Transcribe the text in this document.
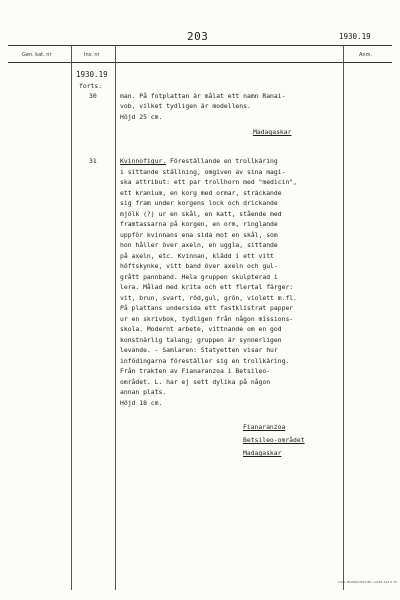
203	1930.19
Gen. kat. nr	Inv. nr	Anm.
1930.19
forts.
30	man. På fotplattan är målat ett namn Ranai-
vob, vilket tydligen är modellens.
Höjd 25 cm.
Madagaskar
31	Kvinnofigur. Föreställande en trollkäring
i sittande ställning, omgiven av sina magi-
ska attribut: ett par trollhorn med "medicin",
ett kranium, en korg med ormar, sträckande
sig fram under korgens lock och drickande
mjölk (?) ur en skål, en katt, stående med
framtassarna på korgen, en orm, ringlande
uppför kvinnans ena sida mot en skål, som
hon håller över axeln, en uggla, sittande
på axeln, etc. Kvinnan, klädd i ett vitt
höftskynke, vitt band över axeln och gul-
grått pannband. Hela gruppen skulpterad i
lera. Målad med krita och ett flertal färger:
vit, brun, svart, röd,gul, grön, violett m.fl.
På plattans undersida ett fastklistrat papper
ur en skrivbok, tydligen från någon missions-
skola. Modernt arbete, vittnande om en god
konstnärlig talang; gruppen är synnerligen
levande. - Samlaren: Statyetten visar hur
infödingarna föreställer sig en trollkäring.
Från trakten av Fianaranzoa i Betsileo-
området. L. har ej sett dylika på någon
annan plats.
Höjd 18 cm.
Fianaranzoa
Betsileo-området
Madagaskar
CARL BLOMQVISTS BK. LULEÅ 444 9 72
